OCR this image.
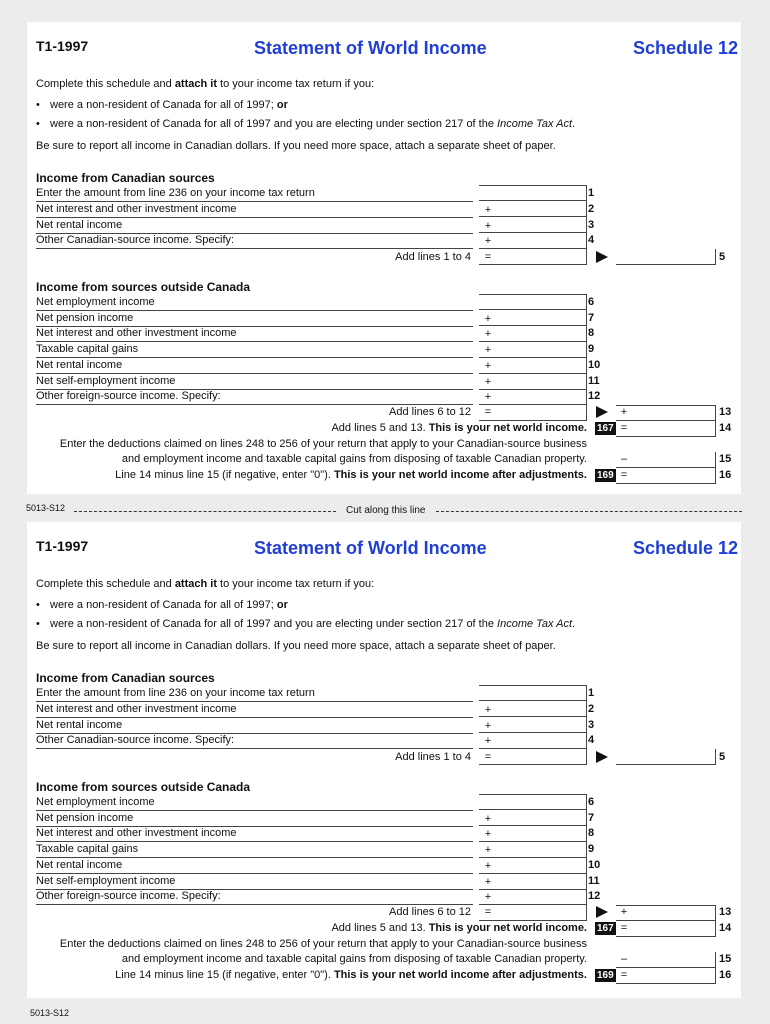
T1-1997	Statement of World Income	Schedule 12
Complete this schedule and attach it to your income tax return if you:
• were a non-resident of Canada for all of 1997; or
• were a non-resident of Canada for all of 1997 and you are electing under section 217 of the Income Tax Act.
Be sure to report all income in Canadian dollars. If you need more space, attach a separate sheet of paper.
Income from Canadian sources
Enter the amount from line 236 on your income tax return	1
Net interest and other investment income	+	2
Net rental income	+	3
Other Canadian-source income. Specify:	+	4
Add lines 1 to 4 =	5
Income from sources outside Canada
Net employment income	6
Net pension income	+	7
Net interest and other investment income	+	8
Taxable capital gains	+	9
Net rental income	+	10
Net self-employment income	+	11
Other foreign-source income. Specify:	+	12
Add lines 6 to 12 =	+	13
Add lines 5 and 13. This is your net world income. 167 =	14
Enter the deductions claimed on lines 248 to 256 of your return that apply to your Canadian-source business
and employment income and taxable capital gains from disposing of taxable Canadian property.	–	15
Line 14 minus line 15 (if negative, enter "0"). This is your net world income after adjustments. 169 =	16
5013-S12	Cut along this line
T1-1997	Statement of World Income	Schedule 12
Complete this schedule and attach it to your income tax return if you:
• were a non-resident of Canada for all of 1997; or
• were a non-resident of Canada for all of 1997 and you are electing under section 217 of the Income Tax Act.
Be sure to report all income in Canadian dollars. If you need more space, attach a separate sheet of paper.
Income from Canadian sources
Enter the amount from line 236 on your income tax return	1
Net interest and other investment income	+	2
Net rental income	+	3
Other Canadian-source income. Specify:	+	4
Add lines 1 to 4 =	5
Income from sources outside Canada
Net employment income	6
Net pension income	+	7
Net interest and other investment income	+	8
Taxable capital gains	+	9
Net rental income	+	10
Net self-employment income	+	11
Other foreign-source income. Specify:	+	12
Add lines 6 to 12 =	+	13
Add lines 5 and 13. This is your net world income. 167 =	14
Enter the deductions claimed on lines 248 to 256 of your return that apply to your Canadian-source business
and employment income and taxable capital gains from disposing of taxable Canadian property.	–	15
Line 14 minus line 15 (if negative, enter "0"). This is your net world income after adjustments. 169 =	16
5013-S12
